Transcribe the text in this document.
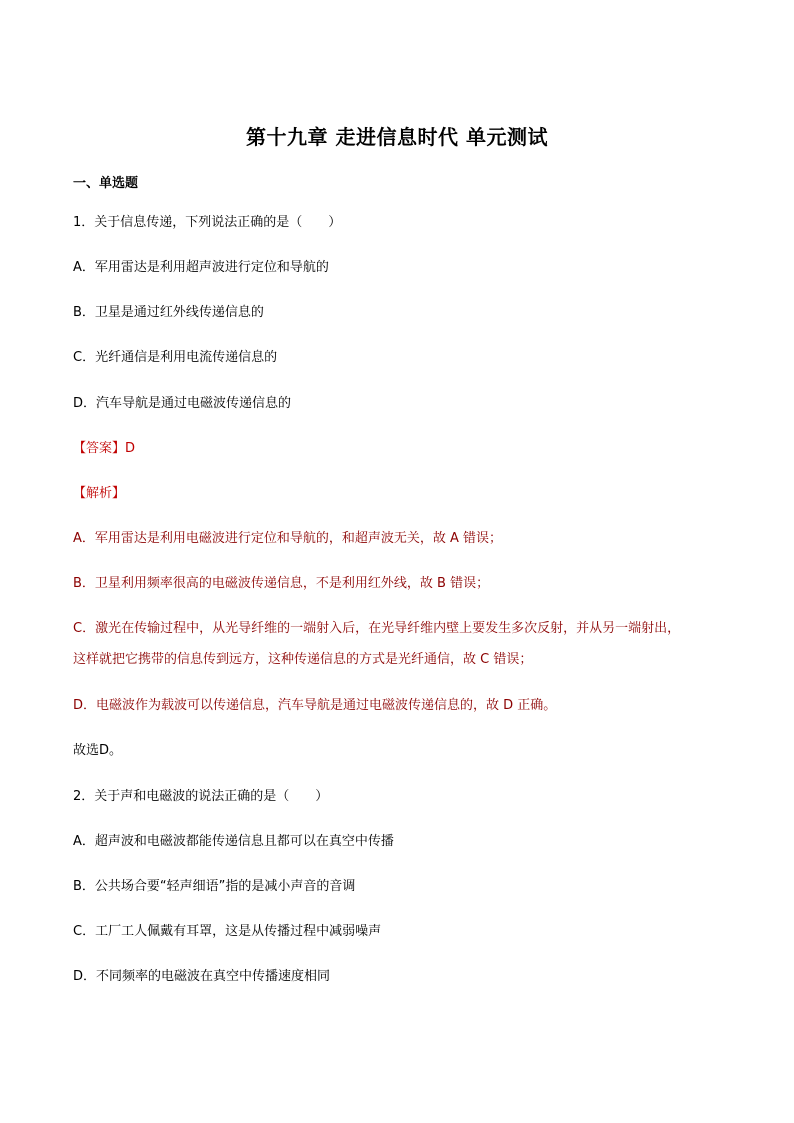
第十九章 走进信息时代 单元测试
一、单选题
1．关于信息传递，下列说法正确的是（　　）
A．军用雷达是利用超声波进行定位和导航的
B．卫星是通过红外线传递信息的
C．光纤通信是利用电流传递信息的
D．汽车导航是通过电磁波传递信息的
【答案】D
【解析】
A．军用雷达是利用电磁波进行定位和导航的，和超声波无关，故 A 错误；
B．卫星利用频率很高的电磁波传递信息，不是利用红外线，故 B 错误；
C．激光在传输过程中，从光导纤维的一端射入后，在光导纤维内壁上要发生多次反射，并从另一端射出，
这样就把它携带的信息传到远方，这种传递信息的方式是光纤通信，故 C 错误；
D．电磁波作为载波可以传递信息，汽车导航是通过电磁波传递信息的，故 D 正确。
故选D。
2．关于声和电磁波的说法正确的是（　　）
A．超声波和电磁波都能传递信息且都可以在真空中传播
B．公共场合要“轻声细语”指的是减小声音的音调
C．工厂工人佩戴有耳罩，这是从传播过程中减弱噪声
D．不同频率的电磁波在真空中传播速度相同
